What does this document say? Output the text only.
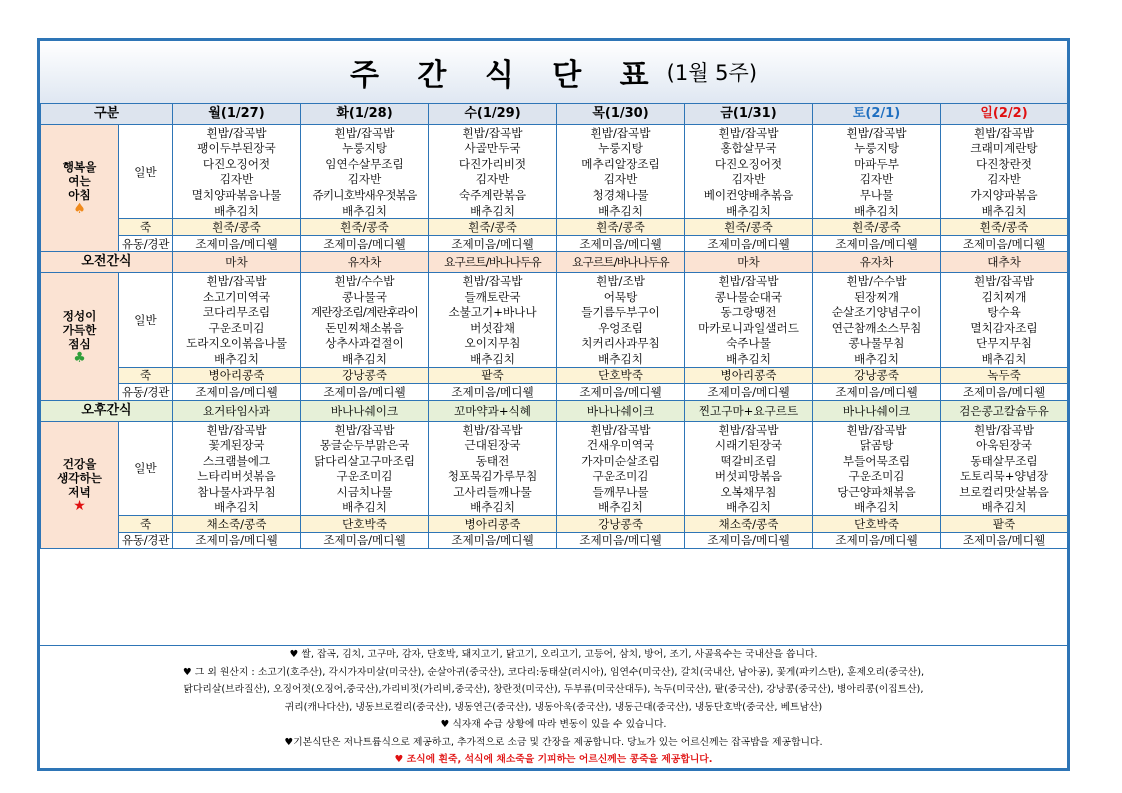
주 간 식 단 표 (1월 5주)
구분		월(1/27)	화(1/28)	수(1/29)	목(1/30)	금(1/31)	토(2/1)	일(2/2)

행복을
여는
아침
♠	일반	흰밥/잡곡밥	흰밥/잡곡밥	흰밥/잡곡밥	흰밥/잡곡밥	흰밥/잡곡밥	흰밥/잡곡밥	흰밥/잡곡밥
		팽이두부된장국	누룽지탕	사골만두국	누룽지탕	홍합살무국	누룽지탕	크래미계란탕
		다진오징어젓	임연수살무조림	다진가리비젓	메추리알장조림	다진오징어젓	마파두부	다진창란젓
		김자반	김자반	김자반	김자반	김자반	김자반	김자반
		멸치양파볶음나물	쥬키니호박새우젓볶음	숙주계란볶음	청경채나물	베이컨양배추볶음	무나물	가지양파볶음
		배추김치	배추김치	배추김치	배추김치	배추김치	배추김치	배추김치
	죽	흰죽/콩죽	흰죽/콩죽	흰죽/콩죽	흰죽/콩죽	흰죽/콩죽	흰죽/콩죽	흰죽/콩죽
	유동/경관	조제미음/메디웰	조제미음/메디웰	조제미음/메디웰	조제미음/메디웰	조제미음/메디웰	조제미음/메디웰	조제미음/메디웰
오전간식		마차	유자차	요구르트/바나나두유	요구르트/바나나두유	마차	유자차	대추차

정성이
가득한
점심
♣	일반	흰밥/잡곡밥	흰밥/수수밥	흰밥/잡곡밥	흰밥/조밥	흰밥/잡곡밥	흰밥/수수밥	흰밥/잡곡밥
		소고기미역국	콩나물국	들깨토란국	어묵탕	콩나물순대국	된장찌개	김치찌개
		코다리무조림	계란장조림/계란후라이	소불고기+바나나	들기름두부구이	동그랑땡전	순살조기양념구이	탕수육
		구운조미김	돈민찌채소볶음	버섯잡채	우엉조림	마카로니과일샐러드	연근참깨소스무침	멸치감자조림
		도라지오이볶음나물	상추사과겉절이	오이지무침	치커리사과무침	숙주나물	콩나물무침	단무지무침
		배추김치	배추김치	배추김치	배추김치	배추김치	배추김치	배추김치
	죽	병아리콩죽	강낭콩죽	팥죽	단호박죽	병아리콩죽	강낭콩죽	녹두죽
	유동/경관	조제미음/메디웰	조제미음/메디웰	조제미음/메디웰	조제미음/메디웰	조제미음/메디웰	조제미음/메디웰	조제미음/메디웰
오후간식		요거타임사과	바나나쉐이크	꼬마약과+식혜	바나나쉐이크	찐고구마+요구르트	바나나쉐이크	검은콩고칼슘두유

건강을
생각하는
저녁
★	일반	흰밥/잡곡밥	흰밥/잡곡밥	흰밥/잡곡밥	흰밥/잡곡밥	흰밥/잡곡밥	흰밥/잡곡밥	흰밥/잡곡밥
		꽃게된장국	몽글순두부맑은국	근대된장국	건새우미역국	시래기된장국	닭곰탕	아욱된장국
		스크램블에그	닭다리살고구마조림	동태전	가자미순살조림	떡갈비조림	부들어묵조림	동태살무조림
		느타리버섯볶음	구운조미김	청포묵김가루무침	구운조미김	버섯피망볶음	구운조미김	도토리묵+양념장
		참나물사과무침	시금치나물	고사리들깨나물	들깨무나물	오복채무침	당근양파채볶음	브로컬리맛살볶음
		배추김치	배추김치	배추김치	배추김치	배추김치	배추김치	배추김치
	죽	채소죽/콩죽	단호박죽	병아리콩죽	강낭콩죽	채소죽/콩죽	단호박죽	팥죽
	유동/경관	조제미음/메디웰	조제미음/메디웰	조제미음/메디웰	조제미음/메디웰	조제미음/메디웰	조제미음/메디웰	조제미음/메디웰
♥ 쌀, 잡곡, 김치, 고구마, 감자, 단호박, 돼지고기, 닭고기, 오리고기, 고등어, 삼치, 방어, 조기, 사골육수는 국내산을 씁니다.
♥ 그 외 원산지 : 소고기(호주산), 각시가자미살(미국산), 순살아귀(중국산), 코다리:동태살(러시아), 임연수(미국산), 갈치(국내산, 남아공), 꽃게(파키스탄), 훈제오리(중국산),
닭다리살(브라질산), 오징어젓(오징어,중국산),가리비젓(가리비,중국산), 창란젓(미국산), 두부류(미국산대두), 녹두(미국산), 팥(중국산), 강낭콩(중국산), 병아리콩(이집트산),
귀리(캐나다산), 냉동브로컬리(중국산), 냉동연근(중국산), 냉동아욱(중국산), 냉동근대(중국산), 냉동단호박(중국산, 베트남산)
♥ 식자재 수급 상황에 따라 변동이 있을 수 있습니다.
♥기본식단은 저나트륨식으로 제공하고, 추가적으로 소금 및 간장을 제공합니다. 당뇨가 있는 어르신께는 잡곡밥을 제공합니다.
♥ 조식에 흰죽, 석식에 채소죽을 기피하는 어르신께는 콩죽을 제공합니다.
